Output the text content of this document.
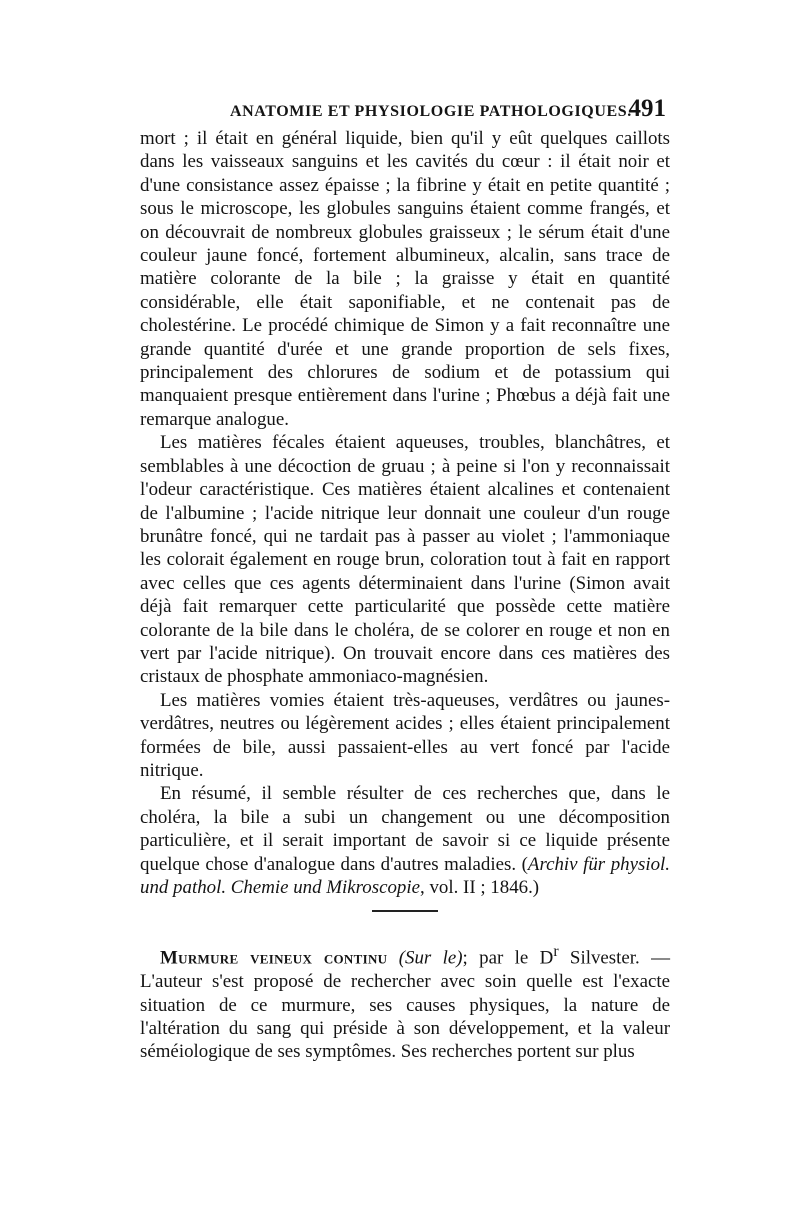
ANATOMIE ET PHYSIOLOGIE PATHOLOGIQUES.
491

mort ; il était en général liquide, bien qu'il y eût quelques caillots dans les vaisseaux sanguins et les cavités du cœur : il était noir et d'une consistance assez épaisse ; la fibrine y était en petite quantité ; sous le microscope, les globules sanguins étaient comme frangés, et on découvrait de nombreux globules graisseux ; le sérum était d'une couleur jaune foncé, fortement albumineux, alcalin, sans trace de matière colorante de la bile ; la graisse y était en quantité considérable, elle était saponifiable, et ne contenait pas de cholestérine. Le procédé chimique de Simon y a fait reconnaître une grande quantité d'urée et une grande proportion de sels fixes, principalement des chlorures de sodium et de potassium qui manquaient presque entièrement dans l'urine ; Phœbus a déjà fait une remarque analogue.

Les matières fécales étaient aqueuses, troubles, blanchâtres, et semblables à une décoction de gruau ; à peine si l'on y reconnaissait l'odeur caractéristique. Ces matières étaient alcalines et contenaient de l'albumine ; l'acide nitrique leur donnait une couleur d'un rouge brunâtre foncé, qui ne tardait pas à passer au violet ; l'ammoniaque les colorait également en rouge brun, coloration tout à fait en rapport avec celles que ces agents déterminaient dans l'urine (Simon avait déjà fait remarquer cette particularité que possède cette matière colorante de la bile dans le choléra, de se colorer en rouge et non en vert par l'acide nitrique). On trouvait encore dans ces matières des cristaux de phosphate ammoniaco-magnésien.

Les matières vomies étaient très-aqueuses, verdâtres ou jaunes-verdâtres, neutres ou légèrement acides ; elles étaient principalement formées de bile, aussi passaient-elles au vert foncé par l'acide nitrique.

En résumé, il semble résulter de ces recherches que, dans le choléra, la bile a subi un changement ou une décomposition particulière, et il serait important de savoir si ce liquide présente quelque chose d'analogue dans d'autres maladies. (Archiv für physiol. und pathol. Chemie und Mikroscopie, vol. II ; 1846.)

Murmure veineux continu (Sur le); par le $D^r$ Silvester. — L'auteur s'est proposé de rechercher avec soin quelle est l'exacte situation de ce murmure, ses causes physiques, la nature de l'altération du sang qui préside à son développement, et la valeur séméiologique de ses symptômes. Ses recherches portent sur plus
